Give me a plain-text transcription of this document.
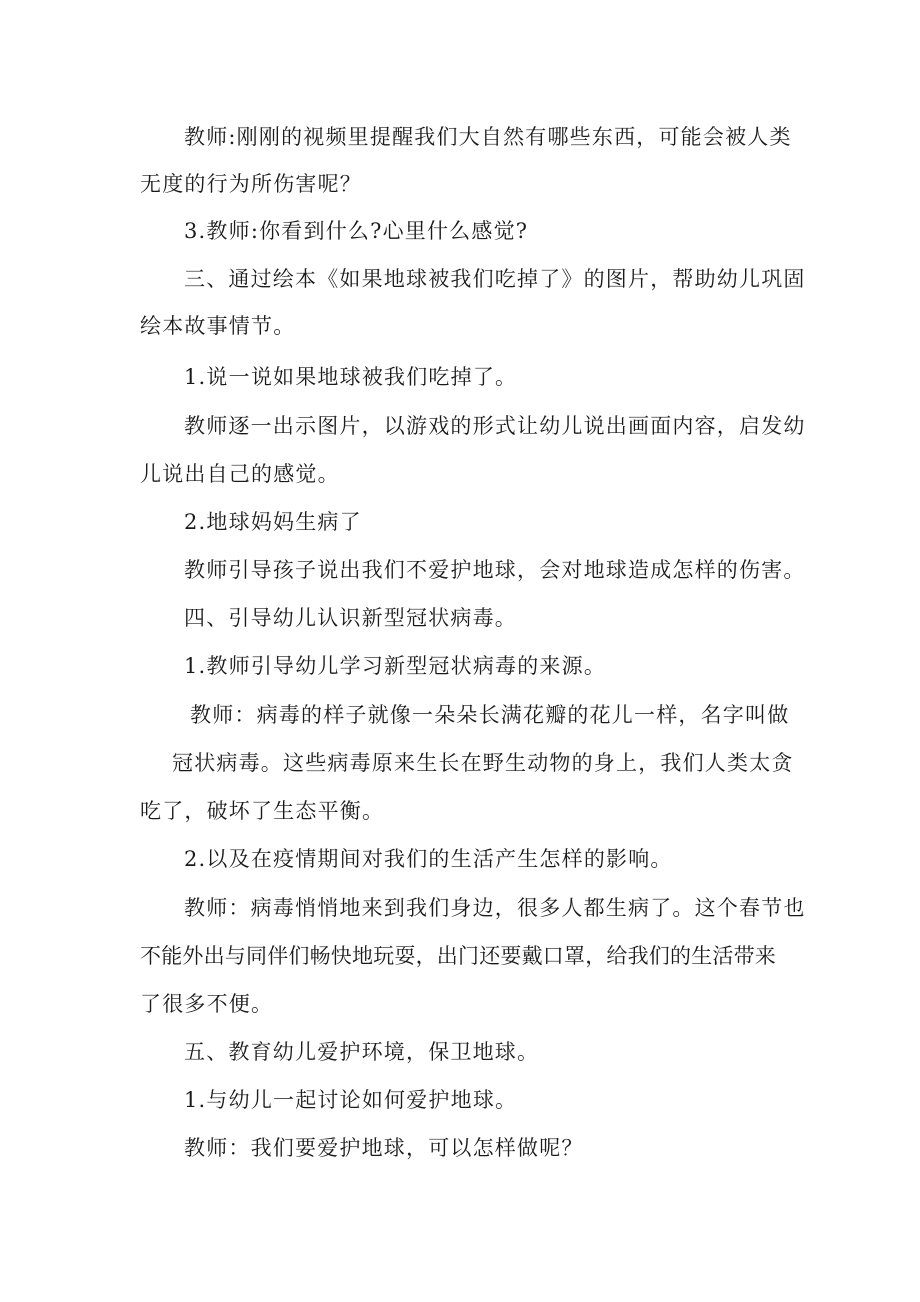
教师:刚刚的视频里提醒我们大自然有哪些东西，可能会被人类
无度的行为所伤害呢？
3.教师:你看到什么?心里什么感觉?
三、通过绘本《如果地球被我们吃掉了》的图片，帮助幼儿巩固
绘本故事情节。
1.说一说如果地球被我们吃掉了。
教师逐一出示图片，以游戏的形式让幼儿说出画面内容，启发幼
儿说出自己的感觉。
2.地球妈妈生病了
教师引导孩子说出我们不爱护地球，会对地球造成怎样的伤害。
四、引导幼儿认识新型冠状病毒。
1.教师引导幼儿学习新型冠状病毒的来源。
教师：病毒的样子就像一朵朵长满花瓣的花儿一样，名字叫做
冠状病毒。这些病毒原来生长在野生动物的身上，我们人类太贪
吃了，破坏了生态平衡。
2.以及在疫情期间对我们的生活产生怎样的影响。
教师：病毒悄悄地来到我们身边，很多人都生病了。这个春节也
不能外出与同伴们畅快地玩耍，出门还要戴口罩，给我们的生活带来
了很多不便。
五、教育幼儿爱护环境，保卫地球。
1.与幼儿一起讨论如何爱护地球。
教师：我们要爱护地球，可以怎样做呢？
